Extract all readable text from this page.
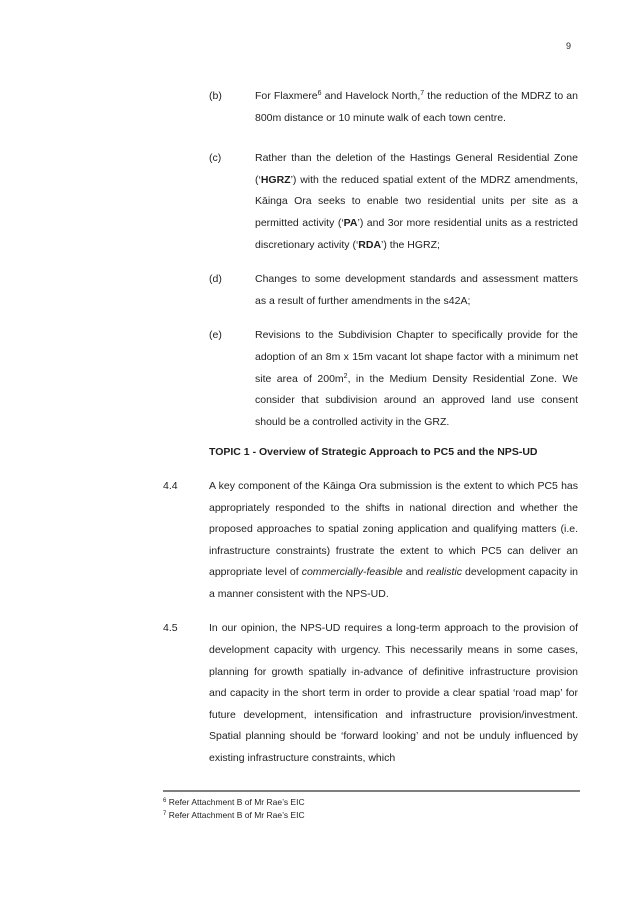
9
(b)	For Flaxmere$^6$ and Havelock North,$^7$ the reduction of the MDRZ to an 800m distance or 10 minute walk of each town centre.
(c)	Rather than the deletion of the Hastings General Residential Zone (‘HGRZ’) with the reduced spatial extent of the MDRZ amendments, Kāinga Ora seeks to enable two residential units per site as a permitted activity (‘PA’) and 3or more residential units as a restricted discretionary activity (‘RDA’) the HGRZ;
(d)	Changes to some development standards and assessment matters as a result of further amendments in the s42A;
(e)	Revisions to the Subdivision Chapter to specifically provide for the adoption of an 8m x 15m vacant lot shape factor with a minimum net site area of $200m^2$, in the Medium Density Residential Zone. We consider that subdivision around an approved land use consent should be a controlled activity in the GRZ.
TOPIC 1 - Overview of Strategic Approach to PC5 and the NPS-UD
4.4	A key component of the Kāinga Ora submission is the extent to which PC5 has appropriately responded to the shifts in national direction and whether the proposed approaches to spatial zoning application and qualifying matters (i.e. infrastructure constraints) frustrate the extent to which PC5 can deliver an appropriate level of commercially-feasible and realistic development capacity in a manner consistent with the NPS-UD.
4.5	In our opinion, the NPS-UD requires a long-term approach to the provision of development capacity with urgency. This necessarily means in some cases, planning for growth spatially in-advance of definitive infrastructure provision and capacity in the short term in order to provide a clear spatial ‘road map’ for future development, intensification and infrastructure provision/investment. Spatial planning should be ‘forward looking’ and not be unduly influenced by existing infrastructure constraints, which
$^6$ Refer Attachment B of Mr Rae’s EIC
$^7$ Refer Attachment B of Mr Rae’s EIC
